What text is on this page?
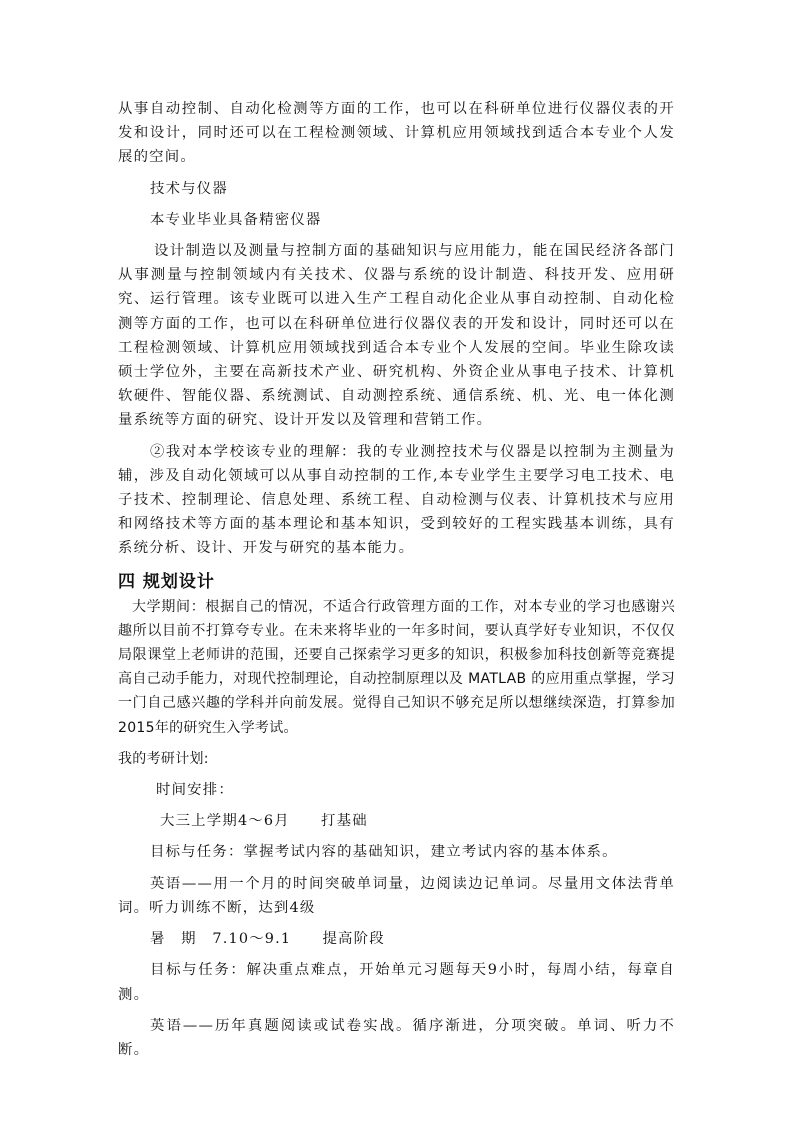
从事自动控制、自动化检测等方面的工作，也可以在科研单位进行仪器仪表的开发和设计，同时还可以在工程检测领域、计算机应用领域找到适合本专业个人发展的空间。

技术与仪器

本专业毕业具备精密仪器

设计制造以及测量与控制方面的基础知识与应用能力，能在国民经济各部门从事测量与控制领域内有关技术、仪器与系统的设计制造、科技开发、应用研究、运行管理。该专业既可以进入生产工程自动化企业从事自动控制、自动化检测等方面的工作，也可以在科研单位进行仪器仪表的开发和设计，同时还可以在工程检测领域、计算机应用领域找到适合本专业个人发展的空间。毕业生除攻读硕士学位外，主要在高新技术产业、研究机构、外资企业从事电子技术、计算机软硬件、智能仪器、系统测试、自动测控系统、通信系统、机、光、电一体化测量系统等方面的研究、设计开发以及管理和营销工作。

②我对本学校该专业的理解：我的专业测控技术与仪器是以控制为主测量为辅，涉及自动化领域可以从事自动控制的工作,本专业学生主要学习电工技术、电子技术、控制理论、信息处理、系统工程、自动检测与仪表、计算机技术与应用和网络技术等方面的基本理论和基本知识，受到较好的工程实践基本训练，具有系统分析、设计、开发与研究的基本能力。

四 规划设计

大学期间：根据自己的情况，不适合行政管理方面的工作，对本专业的学习也感谢兴趣所以目前不打算夸专业。在未来将毕业的一年多时间，要认真学好专业知识，不仅仅局限课堂上老师讲的范围，还要自己探索学习更多的知识，积极参加科技创新等竞赛提高自己动手能力，对现代控制理论，自动控制原理以及 MATLAB 的应用重点掌握，学习一门自己感兴趣的学科并向前发展。觉得自己知识不够充足所以想继续深造，打算参加2015年的研究生入学考试。

我的考研计划:

时间安排：

大三上学期4～6月　　打基础

目标与任务：掌握考试内容的基础知识，建立考试内容的基本体系。

英语——用一个月的时间突破单词量，边阅读边记单词。尽量用文体法背单词。听力训练不断，达到4级

暑　期　7.10～9.1　　提高阶段

目标与任务：解决重点难点，开始单元习题每天9小时，每周小结，每章自测。

英语——历年真题阅读或试卷实战。循序渐进，分项突破。单词、听力不断。
